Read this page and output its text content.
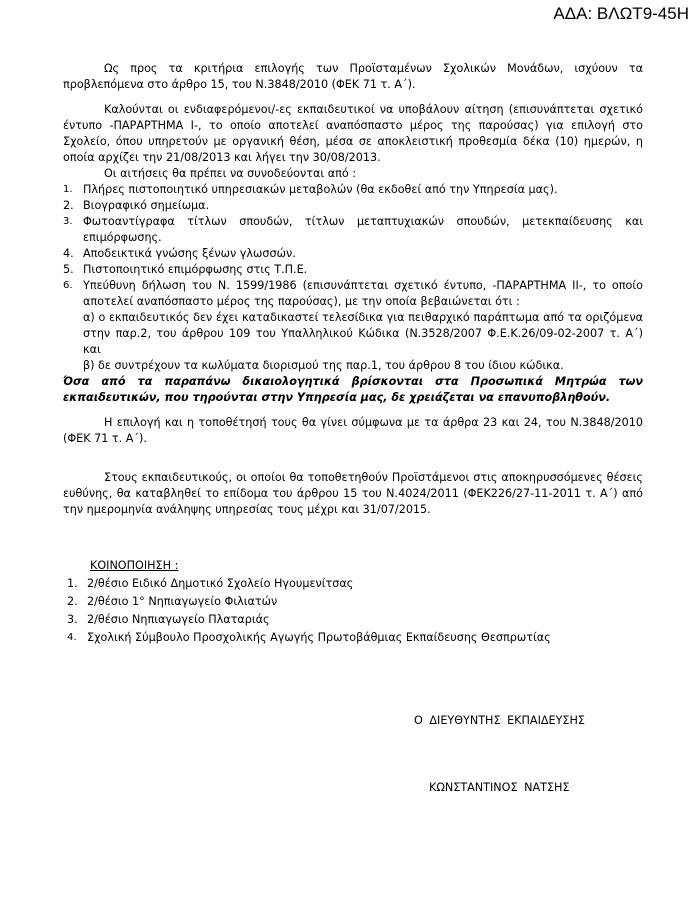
ΑΔΑ: ΒΛΩΤ9-45Η

Ως προς τα κριτήρια επιλογής των Προϊσταμένων Σχολικών Μονάδων, ισχύουν τα προβλεπόμενα στο άρθρο 15, του Ν.3848/2010 (ΦΕΚ 71 τ. Α΄).

Καλούνται οι ενδιαφερόμενοι/-ες εκπαιδευτικοί να υποβάλουν αίτηση (επισυνάπτεται σχετικό έντυπο -ΠΑΡΑΡΤΗΜΑ Ι-, το οποίο αποτελεί αναπόσπαστο μέρος της παρούσας) για επιλογή στο Σχολείο, όπου υπηρετούν με οργανική θέση, μέσα σε αποκλειστική προθεσμία δέκα (10) ημερών, η οποία αρχίζει την 21/08/2013 και λήγει την 30/08/2013.

Οι αιτήσεις θα πρέπει να συνοδεύονται από :

1. Πλήρες πιστοποιητικό υπηρεσιακών μεταβολών (θα εκδοθεί από την Υπηρεσία μας).
2. Βιογραφικό σημείωμα.
3. Φωτοαντίγραφα τίτλων σπουδών, τίτλων μεταπτυχιακών σπουδών, μετεκπαίδευσης και επιμόρφωσης.
4. Αποδεικτικά γνώσης ξένων γλωσσών.
5. Πιστοποιητικό επιμόρφωσης στις Τ.Π.Ε.
6. Υπεύθυνη δήλωση του Ν. 1599/1986 (επισυνάπτεται σχετικό έντυπο, -ΠΑΡΑΡΤΗΜΑ ΙΙ-, το οποίο αποτελεί αναπόσπαστο μέρος της παρούσας), με την οποία βεβαιώνεται ότι :
α) ο εκπαιδευτικός δεν έχει καταδικαστεί τελεσίδικα για πειθαρχικό παράπτωμα από τα οριζόμενα στην παρ.2, του άρθρου 109 του Υπαλληλικού Κώδικα (Ν.3528/2007 Φ.Ε.Κ.26/09-02-2007 τ. Α΄) και
β) δε συντρέχουν τα κωλύματα διορισμού της παρ.1, του άρθρου 8 του ίδιου κώδικα.

Όσα από τα παραπάνω δικαιολογητικά βρίσκονται στα Προσωπικά Μητρώα των εκπαιδευτικών, που τηρούνται στην Υπηρεσία μας, δε χρειάζεται να επανυποβληθούν.

Η επιλογή και η τοποθέτησή τους θα γίνει σύμφωνα με τα άρθρα 23 και 24, του Ν.3848/2010 (ΦΕΚ 71 τ. Α΄).

Στους εκπαιδευτικούς, οι οποίοι θα τοποθετηθούν Προϊστάμενοι στις αποκηρυσσόμενες θέσεις ευθύνης, θα καταβληθεί το επίδομα του άρθρου 15 του Ν.4024/2011 (ΦΕΚ226/27-11-2011 τ. Α΄) από την ημερομηνία ανάληψης υπηρεσίας τους μέχρι και 31/07/2015.

ΚΟΙΝΟΠΟΙΗΣΗ :
1. 2/θέσιο Ειδικό Δημοτικό Σχολείο Ηγουμενίτσας
2. 2/θέσιο 1° Νηπιαγωγείο Φιλιατών
3. 2/θέσιο Νηπιαγωγείο Πλαταριάς
4. Σχολική Σύμβουλο Προσχολικής Αγωγής Πρωτοβάθμιας Εκπαίδευσης Θεσπρωτίας
Ο ΔΙΕΥΘΥΝΤΗΣ ΕΚΠΑΙΔΕΥΣΗΣ
ΚΩΝΣΤΑΝΤΙΝΟΣ ΝΑΤΣΗΣ
